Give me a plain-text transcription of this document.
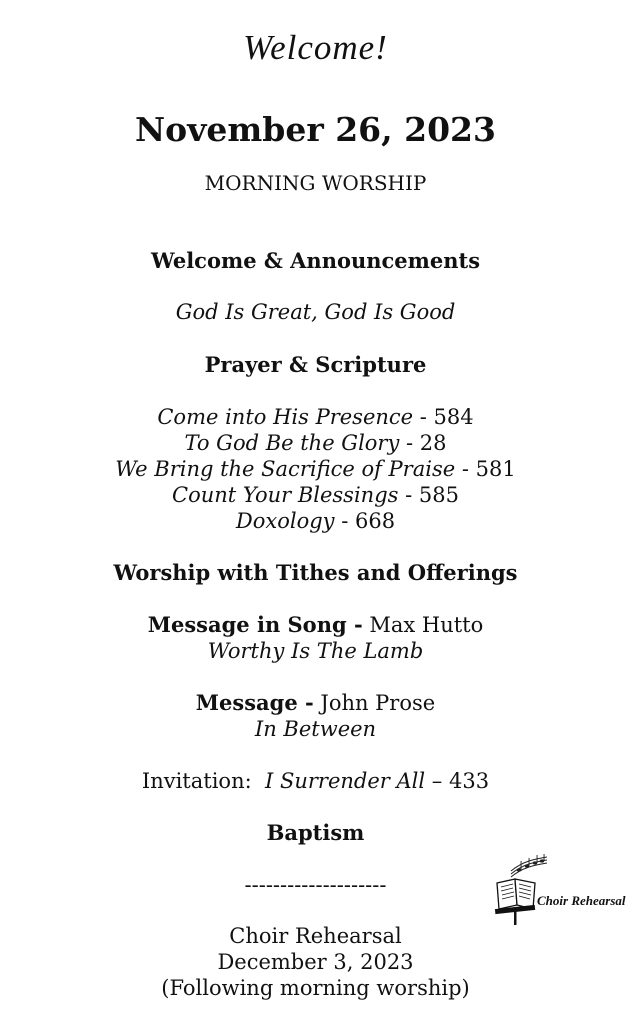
Welcome!
November 26, 2023
MORNING WORSHIP
Welcome & Announcements
God Is Great, God Is Good
Prayer & Scripture
Come into His Presence - 584
To God Be the Glory - 28
We Bring the Sacrifice of Praise - 581
Count Your Blessings - 585
Doxology - 668
Worship with Tithes and Offerings
Message in Song - Max Hutto
Worthy Is The Lamb
Message - John Prose
In Between
Invitation:  I Surrender All – 433
Baptism
--------------------
Choir Rehearsal
December 3, 2023
(Following morning worship)
Choir Rehearsal
